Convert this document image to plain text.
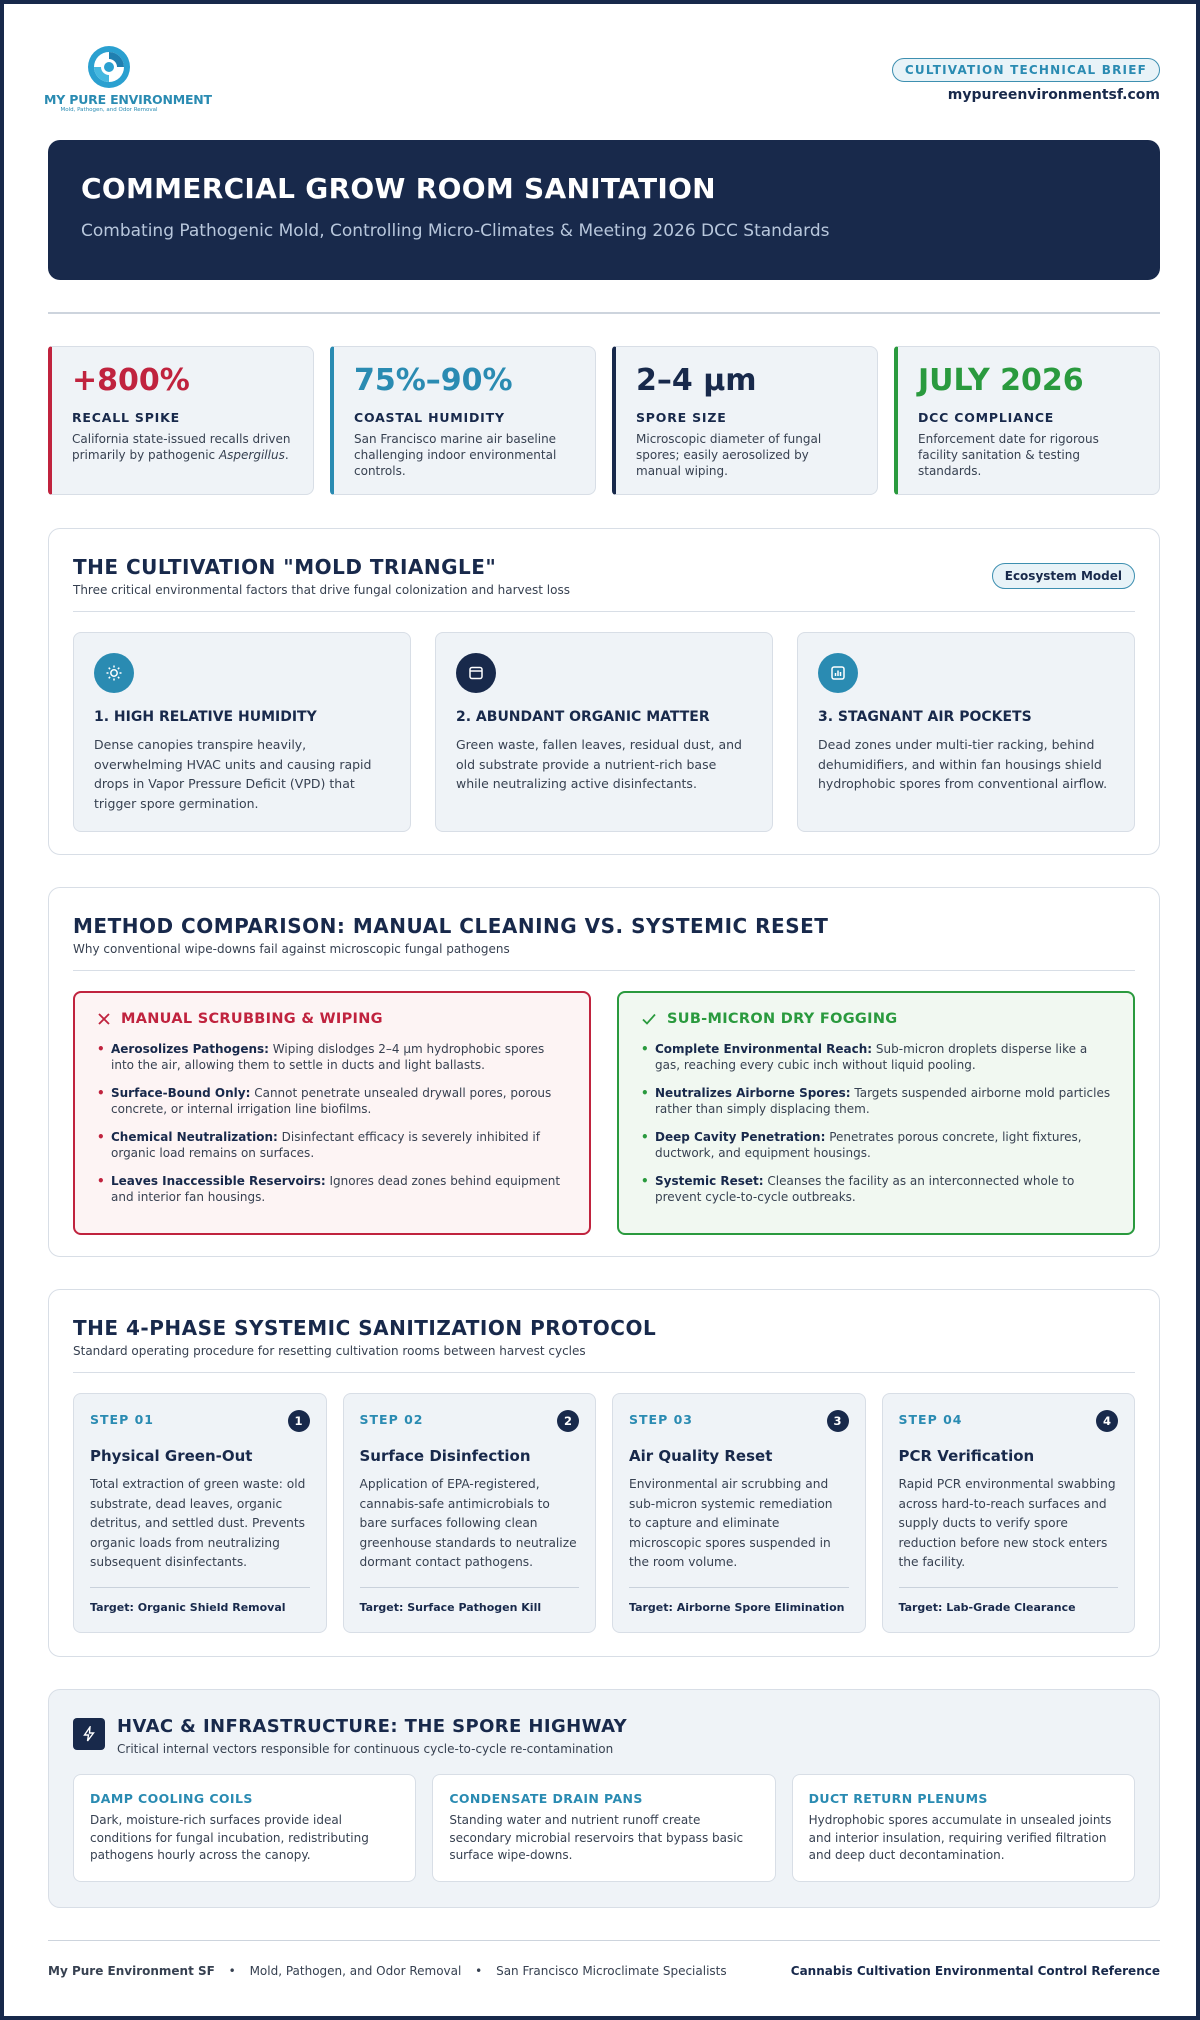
MY PURE ENVIRONMENT
Mold, Pathogen, and Odor Removal
CULTIVATION TECHNICAL BRIEF
mypureenvironmentsf.com
COMMERCIAL GROW ROOM SANITATION
Combating Pathogenic Mold, Controlling Micro-Climates & Meeting 2026 DCC Standards
+800%
RECALL SPIKE
California state-issued recalls driven primarily by pathogenic Aspergillus.
75%–90%
COASTAL HUMIDITY
San Francisco marine air baseline challenging indoor environmental controls.
2–4 μm
SPORE SIZE
Microscopic diameter of fungal spores; easily aerosolized by manual wiping.
JULY 2026
DCC COMPLIANCE
Enforcement date for rigorous facility sanitation & testing standards.
THE CULTIVATION "MOLD TRIANGLE"
Three critical environmental factors that drive fungal colonization and harvest loss
Ecosystem Model
1. HIGH RELATIVE HUMIDITY
Dense canopies transpire heavily, overwhelming HVAC units and causing rapid drops in Vapor Pressure Deficit (VPD) that trigger spore germination.
2. ABUNDANT ORGANIC MATTER
Green waste, fallen leaves, residual dust, and old substrate provide a nutrient-rich base while neutralizing active disinfectants.
3. STAGNANT AIR POCKETS
Dead zones under multi-tier racking, behind dehumidifiers, and within fan housings shield hydrophobic spores from conventional airflow.
METHOD COMPARISON: MANUAL CLEANING VS. SYSTEMIC RESET
Why conventional wipe-downs fail against microscopic fungal pathogens
MANUAL SCRUBBING & WIPING
• Aerosolizes Pathogens: Wiping dislodges 2–4 μm hydrophobic spores into the air, allowing them to settle in ducts and light ballasts.
• Surface-Bound Only: Cannot penetrate unsealed drywall pores, porous concrete, or internal irrigation line biofilms.
• Chemical Neutralization: Disinfectant efficacy is severely inhibited if organic load remains on surfaces.
• Leaves Inaccessible Reservoirs: Ignores dead zones behind equipment and interior fan housings.
SUB-MICRON DRY FOGGING
• Complete Environmental Reach: Sub-micron droplets disperse like a gas, reaching every cubic inch without liquid pooling.
• Neutralizes Airborne Spores: Targets suspended airborne mold particles rather than simply displacing them.
• Deep Cavity Penetration: Penetrates porous concrete, light fixtures, ductwork, and equipment housings.
• Systemic Reset: Cleanses the facility as an interconnected whole to prevent cycle-to-cycle outbreaks.
THE 4-PHASE SYSTEMIC SANITIZATION PROTOCOL
Standard operating procedure for resetting cultivation rooms between harvest cycles
STEP 01	1
Physical Green-Out
Total extraction of green waste: old substrate, dead leaves, organic detritus, and settled dust. Prevents organic loads from neutralizing subsequent disinfectants.
Target: Organic Shield Removal
STEP 02	2
Surface Disinfection
Application of EPA-registered, cannabis-safe antimicrobials to bare surfaces following clean greenhouse standards to neutralize dormant contact pathogens.
Target: Surface Pathogen Kill
STEP 03	3
Air Quality Reset
Environmental air scrubbing and sub-micron systemic remediation to capture and eliminate microscopic spores suspended in the room volume.
Target: Airborne Spore Elimination
STEP 04	4
PCR Verification
Rapid PCR environmental swabbing across hard-to-reach surfaces and supply ducts to verify spore reduction before new stock enters the facility.
Target: Lab-Grade Clearance
HVAC & INFRASTRUCTURE: THE SPORE HIGHWAY
Critical internal vectors responsible for continuous cycle-to-cycle re-contamination
DAMP COOLING COILS
Dark, moisture-rich surfaces provide ideal conditions for fungal incubation, redistributing pathogens hourly across the canopy.
CONDENSATE DRAIN PANS
Standing water and nutrient runoff create secondary microbial reservoirs that bypass basic surface wipe-downs.
DUCT RETURN PLENUMS
Hydrophobic spores accumulate in unsealed joints and interior insulation, requiring verified filtration and deep duct decontamination.
My Pure Environment SF • Mold, Pathogen, and Odor Removal • San Francisco Microclimate Specialists	Cannabis Cultivation Environmental Control Reference
